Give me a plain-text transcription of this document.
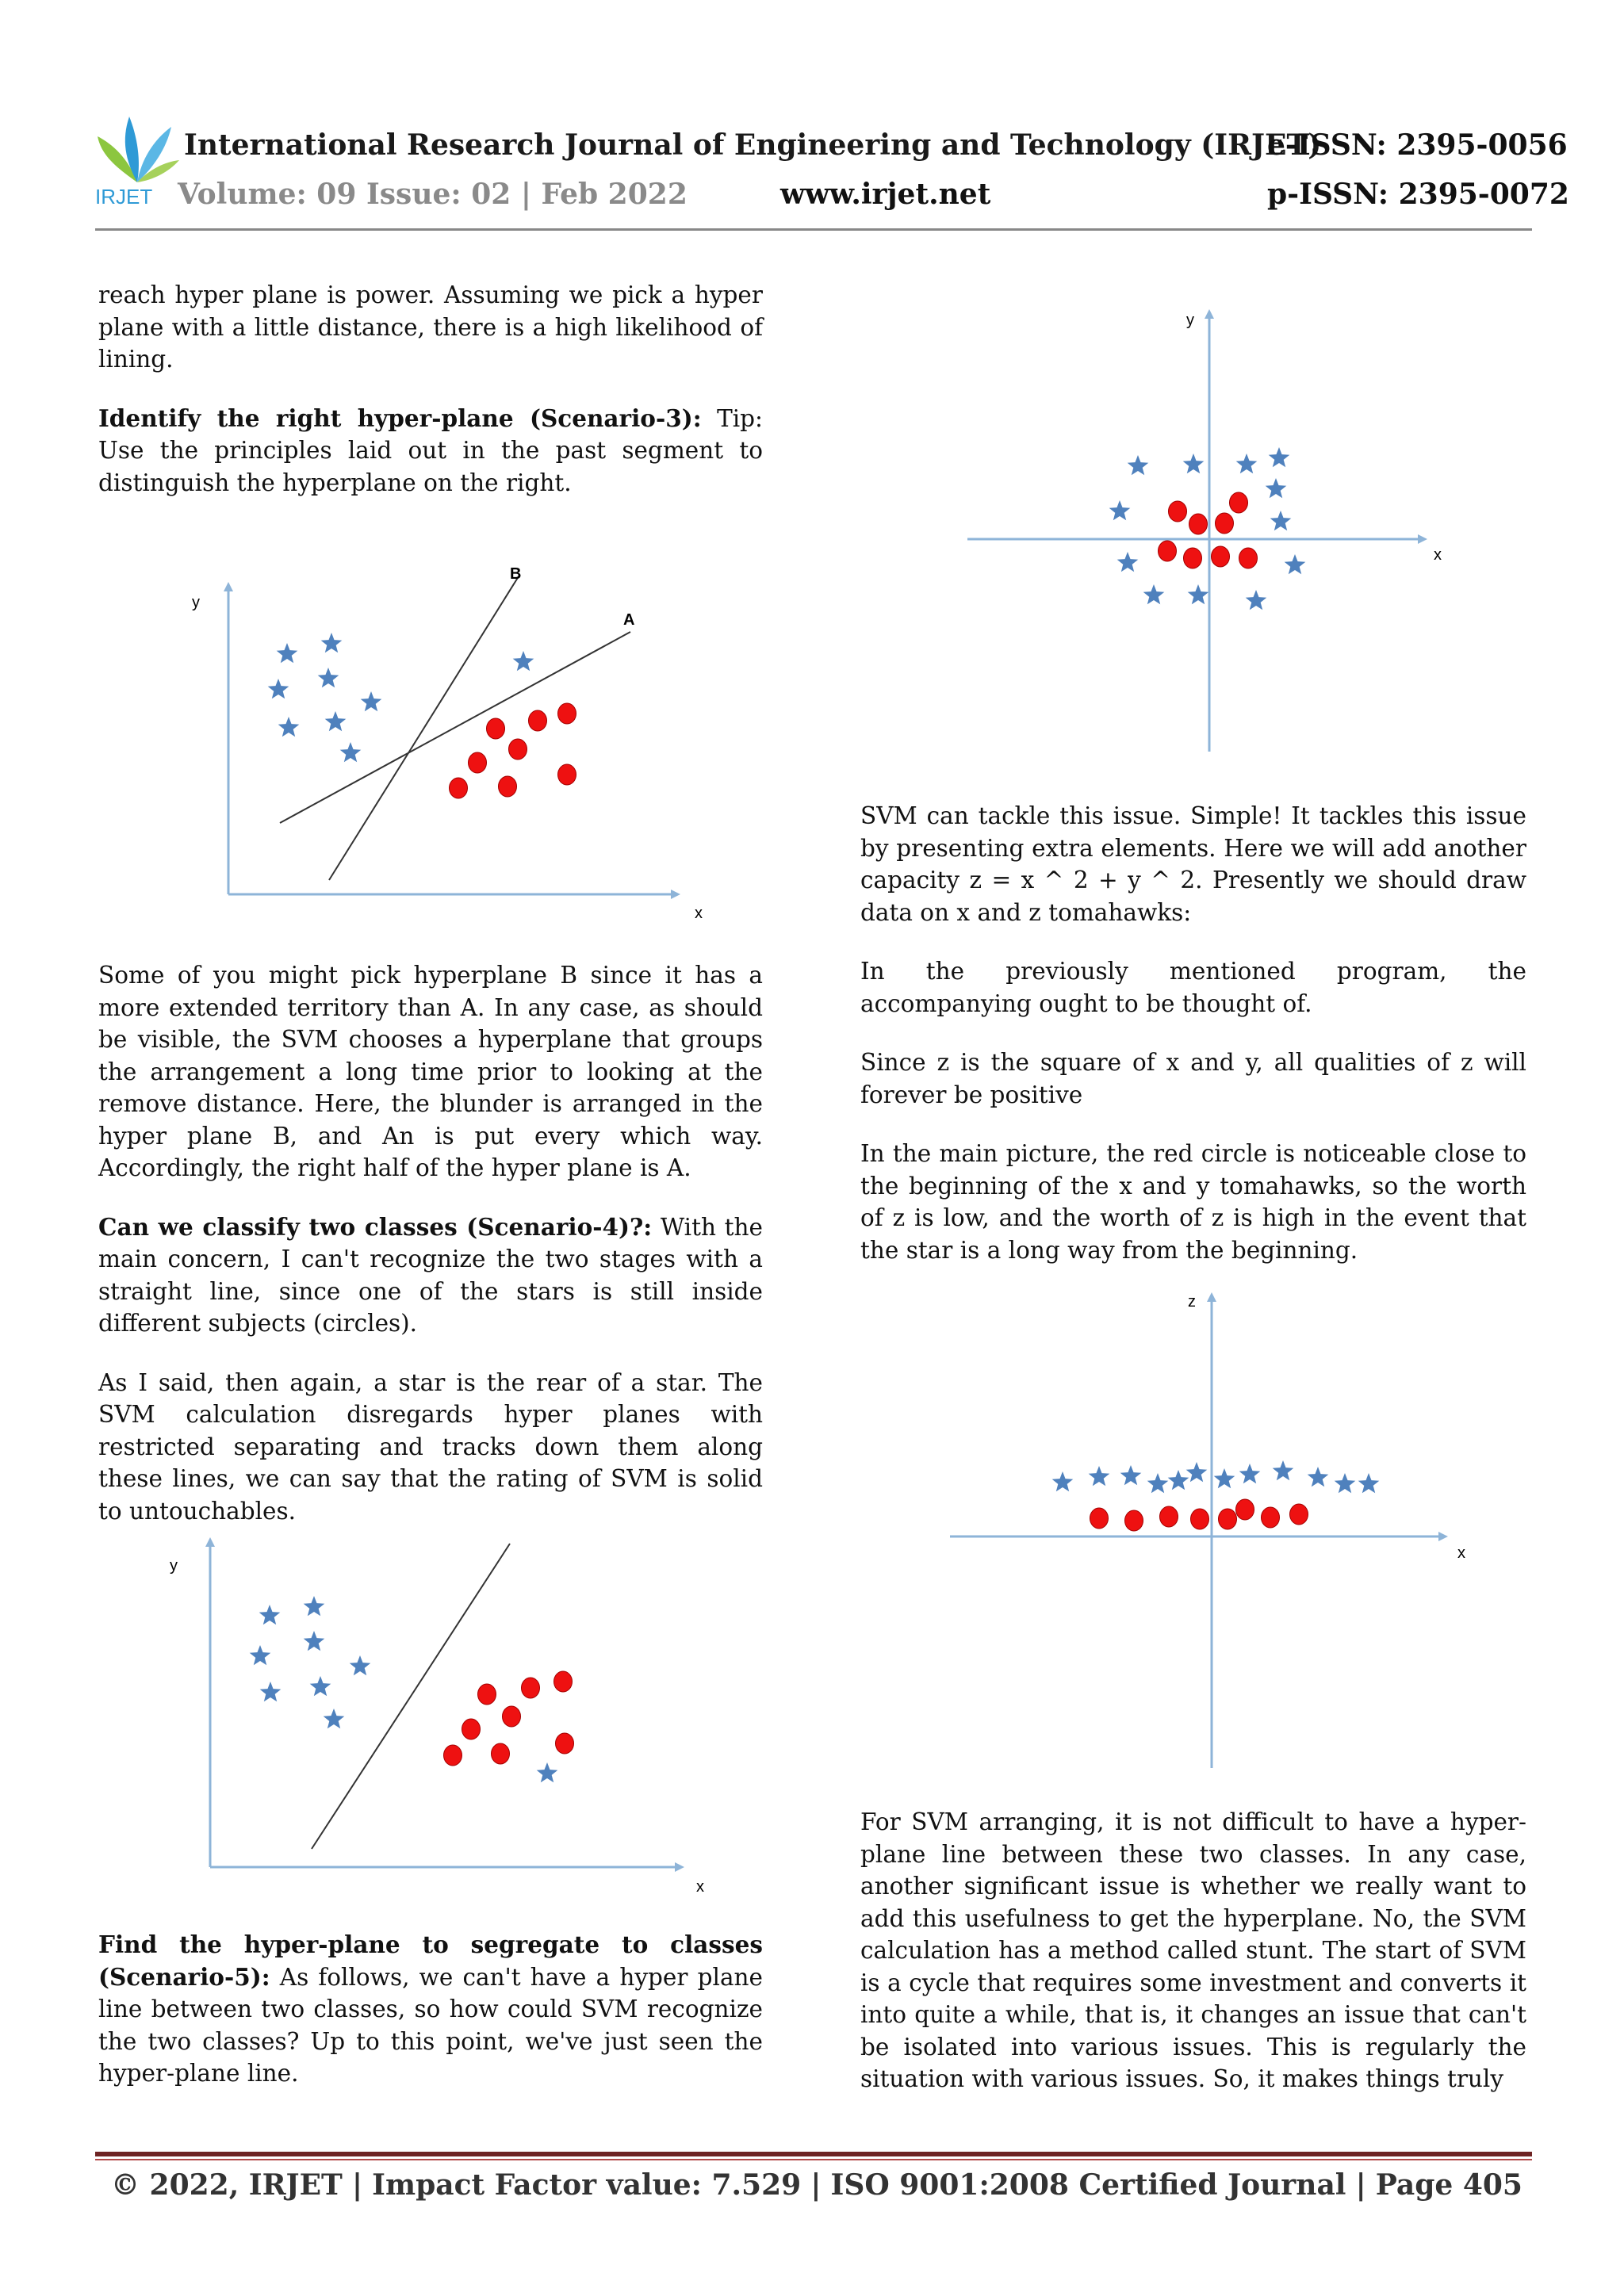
IRJET
International Research Journal of Engineering and Technology (IRJET)
e-ISSN: 2395-0056
Volume: 09 Issue: 02 | Feb 2022	www.irjet.net	p-ISSN: 2395-0072

reach hyper plane is power. Assuming we pick a hyper plane with a little distance, there is a high likelihood of lining.

Identify the right hyper-plane (Scenario-3): Tip: Use the principles laid out in the past segment to distinguish the hyperplane on the right.

y
x
B
A

Some of you might pick hyperplane B since it has a more extended territory than A. In any case, as should be visible, the SVM chooses a hyperplane that groups the arrangement a long time prior to looking at the remove distance. Here, the blunder is arranged in the hyper plane B, and An is put every which way. Accordingly, the right half of the hyper plane is A.

Can we classify two classes (Scenario-4)?: With the main concern, I can't recognize the two stages with a straight line, since one of the stars is still inside different subjects (circles).

As I said, then again, a star is the rear of a star. The SVM calculation disregards hyper planes with restricted separating and tracks down them along these lines, we can say that the rating of SVM is solid to untouchables.

y
x

Find the hyper-plane to segregate to classes (Scenario-5): As follows, we can't have a hyper plane line between two classes, so how could SVM recognize the two classes? Up to this point, we've just seen the hyper-plane line.

y
x

SVM can tackle this issue. Simple! It tackles this issue by presenting extra elements. Here we will add another capacity z = x ^ 2 + y ^ 2. Presently we should draw data on x and z tomahawks:

In the previously mentioned program, the accompanying ought to be thought of.

Since z is the square of x and y, all qualities of z will forever be positive

In the main picture, the red circle is noticeable close to the beginning of the x and y tomahawks, so the worth of z is low, and the worth of z is high in the event that the star is a long way from the beginning.

z
x

For SVM arranging, it is not difficult to have a hyper-plane line between these two classes. In any case, another significant issue is whether we really want to add this usefulness to get the hyperplane. No, the SVM calculation has a method called stunt. The start of SVM is a cycle that requires some investment and converts it into quite a while, that is, it changes an issue that can't be isolated into various issues. This is regularly the situation with various issues. So, it makes things truly

© 2022, IRJET | Impact Factor value: 7.529 | ISO 9001:2008 Certified Journal | Page 405
